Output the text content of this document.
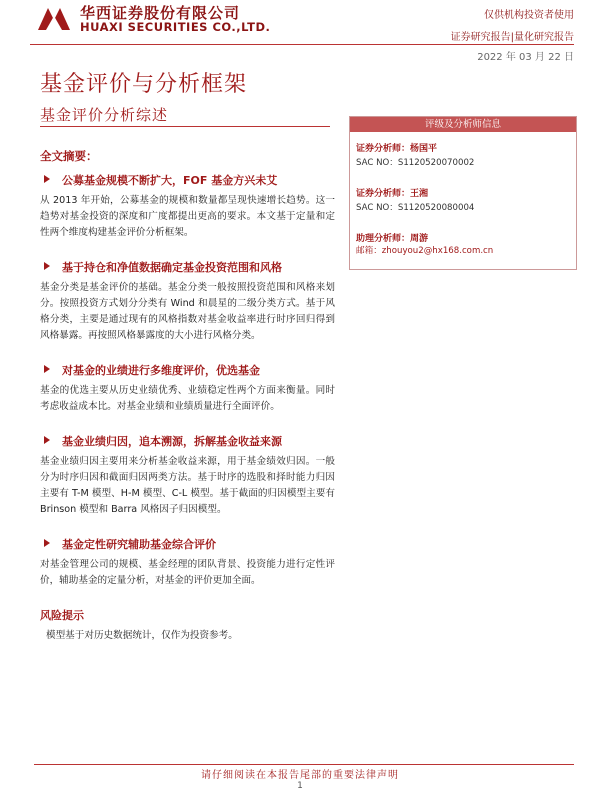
华西证券股份有限公司
HUAXI SECURITIES CO.,LTD.
仅供机构投资者使用
证券研究报告|量化研究报告
2022 年 03 月 22 日
基金评价与分析框架
基金评价分析综述
评级及分析师信息
证券分析师：杨国平
SAC NO：S1120520070002
证券分析师：王湘
SAC NO：S1120520080004
助理分析师：周游
邮箱：zhouyou2@hx168.com.cn
全文摘要：
公募基金规模不断扩大，FOF 基金方兴未艾
从 2013 年开始，公募基金的规模和数量都呈现快速增长趋势。这一趋势对基金投资的深度和广度都提出更高的要求。本文基于定量和定性两个维度构建基金评价分析框架。
基于持仓和净值数据确定基金投资范围和风格
基金分类是基金评价的基础。基金分类一般按照投资范围和风格来划分。按照投资方式划分分类有 Wind 和晨星的二级分类方式。基于风格分类，主要是通过现有的风格指数对基金收益率进行时序回归得到风格暴露。再按照风格暴露度的大小进行风格分类。
对基金的业绩进行多维度评价，优选基金
基金的优选主要从历史业绩优秀、业绩稳定性两个方面来衡量。同时考虑收益成本比。对基金业绩和业绩质量进行全面评价。
基金业绩归因，追本溯源，拆解基金收益来源
基金业绩归因主要用来分析基金收益来源，用于基金绩效归因。一般分为时序归因和截面归因两类方法。基于时序的选股和择时能力归因主要有 T-M 模型、H-M 模型、C-L 模型。基于截面的归因模型主要有 Brinson 模型和 Barra 风格因子归因模型。
基金定性研究辅助基金综合评价
对基金管理公司的规模、基金经理的团队背景、投资能力进行定性评价，辅助基金的定量分析，对基金的评价更加全面。
风险提示
模型基于对历史数据统计，仅作为投资参考。
请仔细阅读在本报告尾部的重要法律声明
1
